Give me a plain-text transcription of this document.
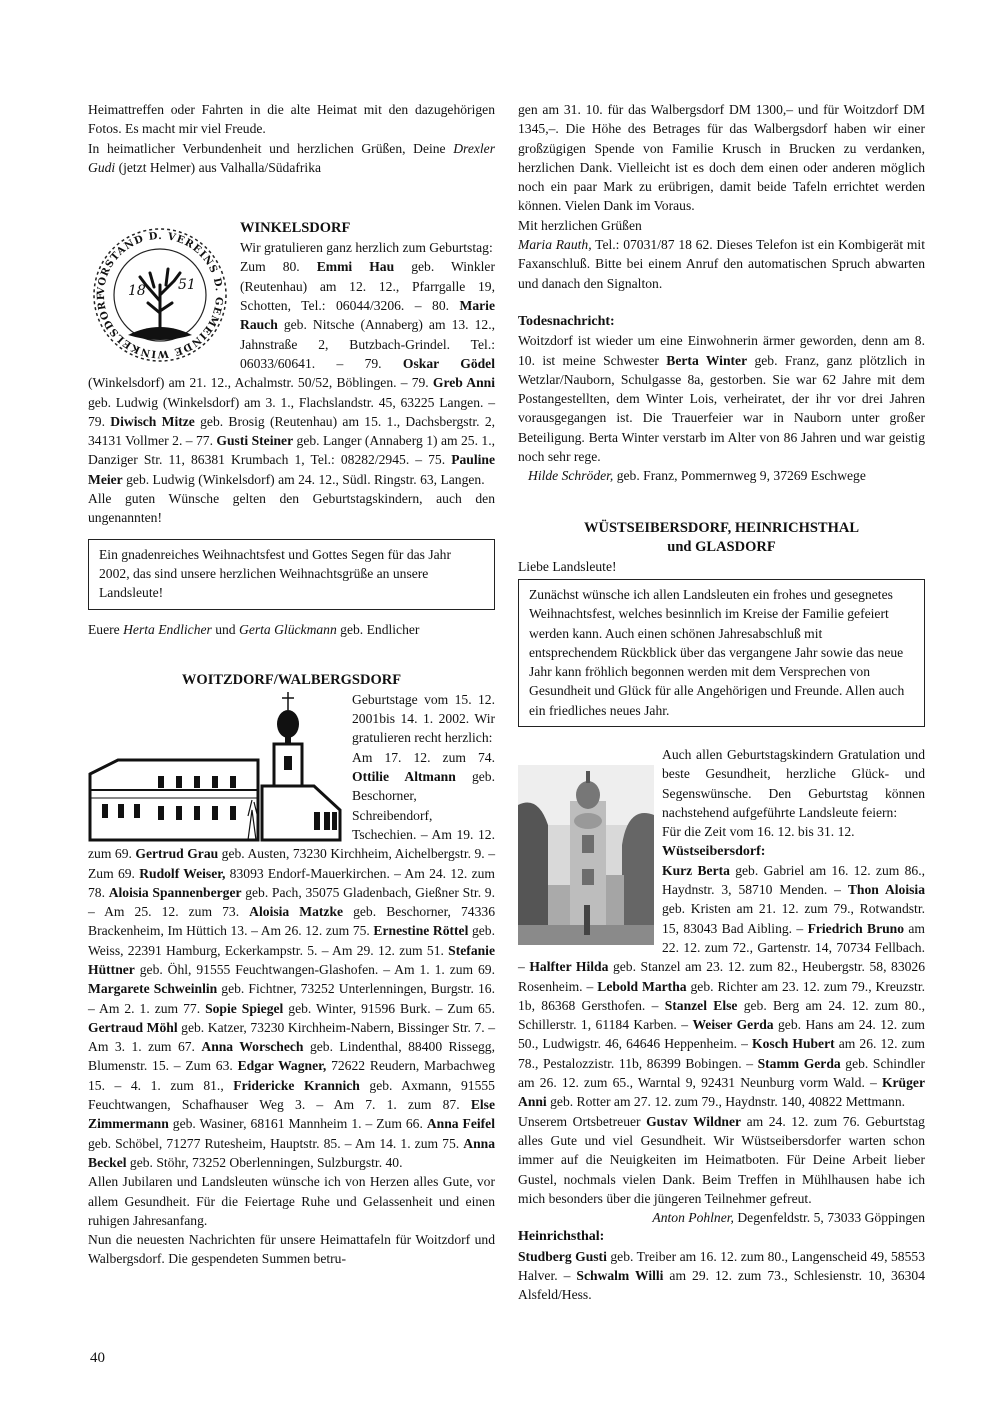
Heimattreffen oder Fahrten in die alte Heimat mit den dazugehörigen Fotos. Es macht mir viel Freude.

In heimatlicher Verbundenheit und herzlichen Grüßen, Deine Drexler Gudi (jetzt Helmer) aus Valhalla/Südafrika

VORSTAND D. VEREINS D. GEMEINDE WINKELSDORF	18 51

WINKELSDORF

Wir gratulieren ganz herzlich zum Geburtstag:

Zum 80. Emmi Hau geb. Winkler (Reutenhau) am 12. 12., Pfarrgalle 19, Schotten, Tel.: 06044/3206. – 80. Marie Rauch geb. Nitsche (Annaberg) am 13. 12., Jahnstraße 2, Butzbach-Grindel. Tel.: 06033/60641. – 79. Oskar Gödel (Winkelsdorf) am 21. 12., Achalmstr. 50/52, Böblingen. – 79. Greb Anni geb. Ludwig (Winkelsdorf) am 3. 1., Flachslandstr. 45, 63225 Langen. – 79. Diwisch Mitze geb. Brosig (Reutenhau) am 15. 1., Dachsbergstr. 2, 34131 Vollmer 2. – 77. Gusti Steiner geb. Langer (Annaberg 1) am 25. 1., Danziger Str. 11, 86381 Krumbach 1, Tel.: 08282/2945. – 75. Pauline Meier geb. Ludwig (Winkelsdorf) am 24. 12., Südl. Ringstr. 63, Langen.

Alle guten Wünsche gelten den Geburtstagskindern, auch den ungenannten!

Ein gnadenreiches Weihnachtsfest und Gottes Segen für das Jahr 2002, das sind unsere herzlichen Weihnachtsgrüße an unsere Landsleute!

Euere Herta Endlicher und Gerta Glückmann geb. Endlicher

WOITZDORF/WALBERGSDORF

Geburtstage vom 15. 12. 2001bis 14. 1. 2002. Wir gratulieren recht herzlich:

Am 17. 12. zum 74. Ottilie Altmann geb. Beschorner, Schreibendorf, Tschechien. – Am 19. 12. zum 69. Gertrud Grau geb. Austen, 73230 Kirchheim, Aichelbergstr. 9. – Zum 69. Rudolf Weiser, 83093 Endorf-Mauerkirchen. – Am 24. 12. zum 78. Aloisia Spannenberger geb. Pach, 35075 Gladenbach, Gießner Str. 9. – Am 25. 12. zum 73. Aloisia Matzke geb. Beschorner, 74336 Brackenheim, Im Hüttich 13. – Am 26. 12. zum 75. Ernestine Röttel geb. Weiss, 22391 Hamburg, Eckerkampstr. 5. – Am 29. 12. zum 51. Stefanie Hüttner geb. Öhl, 91555 Feuchtwangen-Glashofen. – Am 1. 1. zum 69. Margarete Schweinlin geb. Fichtner, 73252 Unterlenningen, Burgstr. 16. – Am 2. 1. zum 77. Sopie Spiegel geb. Winter, 91596 Burk. – Zum 65. Gertraud Möhl geb. Katzer, 73230 Kirchheim-Nabern, Bissinger Str. 7. – Am 3. 1. zum 67. Anna Worschech geb. Lindenthal, 88400 Rissegg, Blumenstr. 15. – Zum 63. Edgar Wagner, 72622 Reudern, Marbachweg 15. – 4. 1. zum 81., Fridericke Krannich geb. Axmann, 91555 Feuchtwangen, Schafhauser Weg 3. – Am 7. 1. zum 87. Else Zimmermann geb. Wasiner, 68161 Mannheim 1. – Zum 66. Anna Feifel geb. Schöbel, 71277 Rutesheim, Hauptstr. 85. – Am 14. 1. zum 75. Anna Beckel geb. Stöhr, 73252 Oberlenningen, Sulzburgstr. 40.

Allen Jubilaren und Landsleuten wünsche ich von Herzen alles Gute, vor allem Gesundheit. Für die Feiertage Ruhe und Gelassenheit und einen ruhigen Jahresanfang.

Nun die neuesten Nachrichten für unsere Heimattafeln für Woitzdorf und Walbergsdorf. Die gespendeten Summen betru-

gen am 31. 10. für das Walbergsdorf DM 1300,– und für Woitzdorf DM 1345,–. Die Höhe des Betrages für das Walbergsdorf haben wir einer großzügigen Spende von Familie Krusch in Brucken zu verdanken, herzlichen Dank. Vielleicht ist es doch dem einen oder anderen möglich noch ein paar Mark zu erübrigen, damit beide Tafeln errichtet werden können. Vielen Dank im Voraus.

Mit herzlichen Grüßen

Maria Rauth, Tel.: 07031/87 18 62. Dieses Telefon ist ein Kombigerät mit Faxanschluß. Bitte bei einem Anruf den automatischen Spruch abwarten und danach den Signalton.

Todesnachricht:

Woitzdorf ist wieder um eine Einwohnerin ärmer geworden, denn am 8. 10. ist meine Schwester Berta Winter geb. Franz, ganz plötzlich in Wetzlar/Nauborn, Schulgasse 8a, gestorben. Sie war 62 Jahre mit dem Postangestellten, dem Winter Lois, verheiratet, der ihr vor drei Jahren vorausgegangen ist. Die Trauerfeier war in Nauborn unter großer Beteiligung. Berta Winter verstarb im Alter von 86 Jahren und war geistig noch sehr rege.

Hilde Schröder, geb. Franz, Pommernweg 9, 37269 Eschwege

WÜSTSEIBERSDORF, HEINRICHSTHAL

und GLASDORF

Liebe Landsleute!

Zunächst wünsche ich allen Landsleuten ein frohes und gesegnetes Weihnachtsfest, welches besinnlich im Kreise der Familie gefeiert werden kann. Auch einen schönen Jahresabschluß mit entsprechendem Rückblick über das vergangene Jahr sowie das neue Jahr kann fröhlich begonnen werden mit dem Versprechen von Gesundheit und Glück für alle Angehörigen und Freunde. Allen auch ein friedliches neues Jahr.

Auch allen Geburtstagskindern Gratulation und beste Gesundheit, herzliche Glück- und Segenswünsche. Den Geburtstag können nachstehend aufgeführte Landsleute feiern:

Für die Zeit vom 16. 12. bis 31. 12.

Wüstseibersdorf:

Kurz Berta geb. Gabriel am 16. 12. zum 86., Haydnstr. 3, 58710 Menden. – Thon Aloisia geb. Kristen am 21. 12. zum 79., Rotwandstr. 15, 83043 Bad Aibling. – Friedrich Bruno am 22. 12. zum 72., Gartenstr. 14, 70734 Fellbach. – Halfter Hilda geb. Stanzel am 23. 12. zum 82., Heubergstr. 58, 83026 Rosenheim. – Lebold Martha geb. Richter am 23. 12. zum 79., Kreuzstr. 1b, 86368 Gersthofen. – Stanzel Else geb. Berg am 24. 12. zum 80., Schillerstr. 1, 61184 Karben. – Weiser Gerda geb. Hans am 24. 12. zum 50., Ludwigstr. 46, 64646 Heppenheim. – Kosch Hubert am 26. 12. zum 78., Pestalozzistr. 11b, 86399 Bobingen. – Stamm Gerda geb. Schindler am 26. 12. zum 65., Warntal 9, 92431 Neunburg vorm Wald. – Krüger Anni geb. Rotter am 27. 12. zum 79., Haydnstr. 140, 40822 Mettmann.

Unserem Ortsbetreuer Gustav Wildner am 24. 12. zum 76. Geburtstag alles Gute und viel Gesundheit. Wir Wüstseibersdorfer warten schon immer auf die Neuigkeiten im Heimatboten. Für Deine Arbeit lieber Gustel, nochmals vielen Dank. Beim Treffen in Mühlhausen habe ich mich besonders über die jüngeren Teilnehmer gefreut.

Anton Pohlner, Degenfeldstr. 5, 73033 Göppingen

Heinrichsthal:

Studberg Gusti geb. Treiber am 16. 12. zum 80., Langenscheid 49, 58553 Halver. – Schwalm Willi am 29. 12. zum 73., Schlesienstr. 10, 36304 Alsfeld/Hess.

40
